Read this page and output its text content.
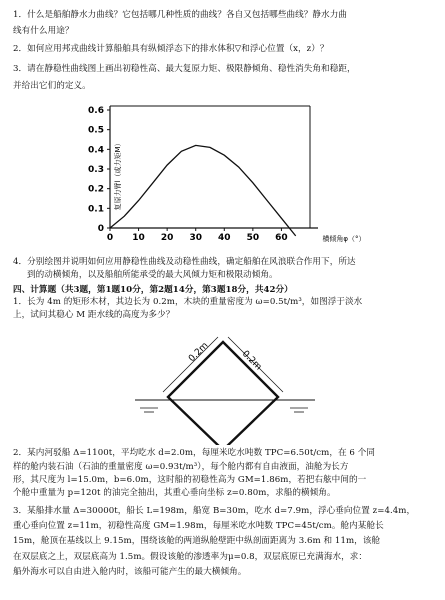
1．什么是船舶静水力曲线？它包括哪几种性质的曲线？各自又包括哪些曲线？静水力曲
线有什么用途？
2．如何应用邦戎曲线计算船舶具有纵倾浮态下的排水体积▽和浮心位置（x，z）？
3．请在静稳性曲线图上画出初稳性高、最大复原力矩、极限静倾角、稳性消失角和稳距，
并给出它们的定义。
0
0.1
0.2
0.3
0.4
0.5
0.6
0 10 20 30 40 50 60
复原力臂l（或力矩M）
横倾角φ（°）
4．分别绘图并说明如何应用静稳性曲线及动稳性曲线，确定船舶在风浪联合作用下，所达
到的动横倾角，以及船舶所能承受的最大风倾力矩和极限动倾角。
四、计算题（共3题，第1题10分，第2题14分，第3题18分，共42分）
1．长为 4m 的矩形木材，其边长为 0.2m，木块的重量密度为 ω=0.5t/m³，如图浮于淡水
上，试问其稳心 M 距水线的高度为多少？
0.2m	0.2m
2．某内河驳船 Δ=1100t，平均吃水 d=2.0m，每厘米吃水吨数 TPC=6.50t/cm，在 6 个同
样的舱内装石油（石油的重量密度 ω=0.93t/m³），每个舱内都有自由液面，油舱为长方
形，其尺度为 l=15.0m，b=6.0m，这时船的初稳性高为 GM=1.86m，若把右舷中间的一
个舱中重量为 p=120t 的油完全抽出，其重心垂向坐标 z=0.80m，求船的横倾角。
3．某船排水量 Δ=30000t，船长 L=198m，船宽 B=30m，吃水 d=7.9m，浮心垂向位置 z=4.4m，
重心垂向位置 z=11m，初稳性高度 GM=1.98m，每厘米吃水吨数 TPC=45t/cm。舱内某舱长
15m，舱顶在基线以上 9.15m，围绕该舱的两道纵舱壁距中纵剖面距离为 3.6m 和 11m，该舱
在双层底之上，双层底高为 1.5m。假设该舱的渗透率为μ=0.8，双层底原已充满海水，求：
船外海水可以自由进入舱内时，该船可能产生的最大横倾角。
